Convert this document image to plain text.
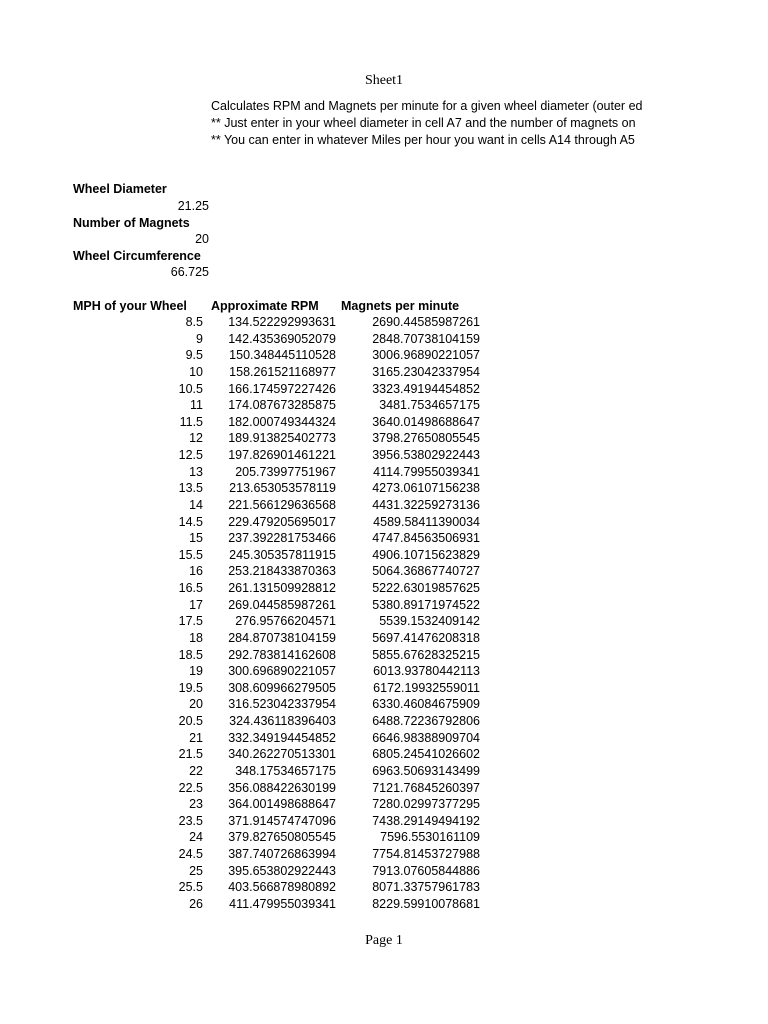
Sheet1
Calculates RPM and Magnets per minute for a given wheel diameter (outer ed
** Just enter in your wheel diameter in cell A7 and the number of magnets on
** You can enter in whatever Miles per hour you want in cells A14 through A5
Wheel Diameter
21.25
Number of Magnets
20
Wheel Circumference
66.725
MPH of your Wheel Approximate RPM Magnets per minute
8.5 134.522292993631	2690.44585987261
9 142.435369052079	2848.70738104159
9.5 150.348445110528	3006.96890221057
10 158.261521168977	3165.23042337954
10.5 166.174597227426	3323.49194454852
11 174.087673285875	3481.7534657175
11.5 182.000749344324	3640.01498688647
12 189.913825402773	3798.27650805545
12.5 197.826901461221	3956.53802922443
13	205.73997751967	4114.79955039341
13.5 213.653053578119	4273.06107156238
14 221.566129636568	4431.32259273136
14.5 229.479205695017	4589.58411390034
15 237.392281753466	4747.84563506931
15.5 245.305357811915	4906.10715623829
16 253.218433870363	5064.36867740727
16.5 261.131509928812	5222.63019857625
17 269.044585987261	5380.89171974522
17.5	276.95766204571	5539.1532409142
18 284.870738104159	5697.41476208318
18.5 292.783814162608	5855.67628325215
19 300.696890221057	6013.93780442113
19.5 308.609966279505	6172.19932559011
20 316.523042337954	6330.46084675909
20.5 324.436118396403	6488.72236792806
21 332.349194454852	6646.98388909704
21.5 340.262270513301	6805.24541026602
22	348.17534657175	6963.50693143499
22.5 356.088422630199	7121.76845260397
23 364.001498688647	7280.02997377295
23.5 371.914574747096	7438.29149494192
24 379.827650805545	7596.5530161109
24.5 387.740726863994	7754.81453727988
25 395.653802922443	7913.07605844886
25.5 403.566878980892	8071.33757961783
26 411.479955039341	8229.59910078681
Page 1
